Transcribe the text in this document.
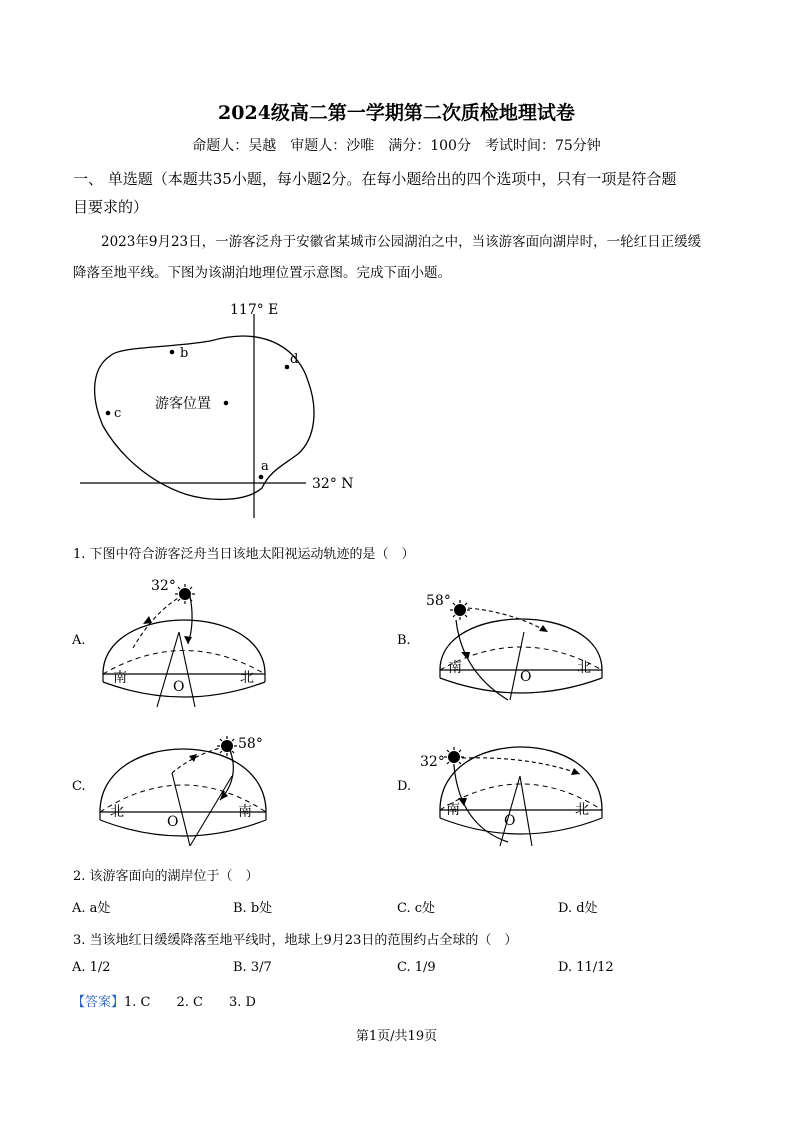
2024级高二第一学期第二次质检地理试卷
命题人：吴越　审题人：沙唯　满分：100分　考试时间：75分钟
一、 单选题（本题共35小题，每小题2分。在每小题给出的四个选项中，只有一项是符合题
目要求的）
2023年9月23日，一游客泛舟于安徽省某城市公园湖泊之中，当该游客面向湖岸时，一轮红日正缓缓
降落至地平线。下图为该湖泊地理位置示意图。完成下面小题。
117° E
32° N
a
b
c
d
游客位置
1. 下图中符合游客泛舟当日该地太阳视运动轨迹的是（　）
A.
32°
南	北
O
B.
58°
南	北
O
C.
58°
北	南
O
D.
32°
南	北
O
2. 该游客面向的湖岸位于（　）
A. a处	B. b处	C. c处	D. d处
3. 当该地红日缓缓降落至地平线时，地球上9月23日的范围约占全球的（　）
A. 1/2	B. 3/7	C. 1/9	D. 11/12
【答案】1. C　　2. C　　3. D
第1页/共19页
